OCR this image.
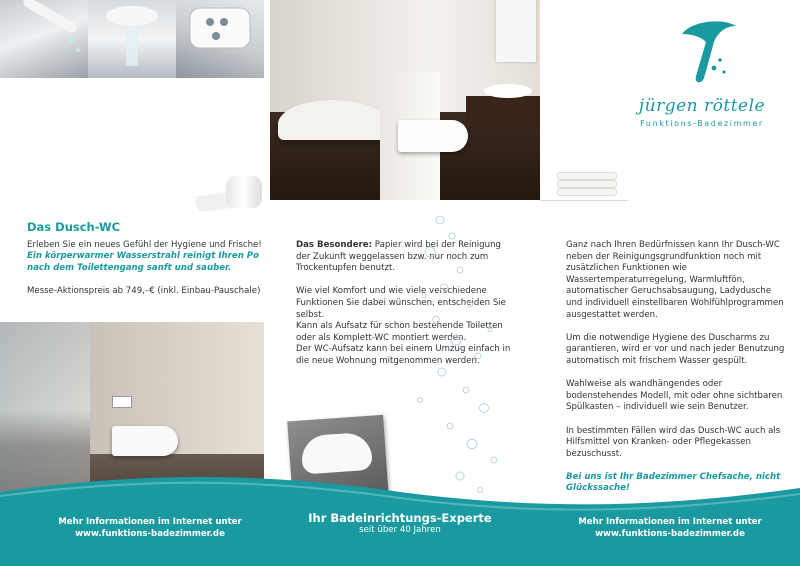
jürgen röttele
Funktions-Badezimmer
Das Dusch-WC
Erleben Sie ein neues Gefühl der Hygiene und Frische!

Ein körperwarmer Wasserstrahl reinigt Ihren Po nach dem Toilettengang sanft und sauber.

Messe-Aktionspreis ab 749,–€ (inkl. Einbau-Pauschale)

Das Besondere: Papier wird bei der Reinigung der Zukunft weggelassen bzw. nur noch zum Trockentupfen benutzt.

Wie viel Komfort und wie viele verschiedene Funktionen Sie dabei wünschen, entscheiden Sie selbst.
Kann als Aufsatz für schon bestehende Toiletten oder als Komplett-WC montiert werden.
Der WC-Aufsatz kann bei einem Umzug einfach in die neue Wohnung mitgenommen werden.

Ganz nach Ihren Bedürfnissen kann Ihr Dusch-WC neben der Reinigungsgrundfunktion noch mit zusätzlichen Funktionen wie Wassertemperaturregelung, Warmluftfön, automatischer Geruchsabsaugung, Ladydusche und individuell einstellbaren Wohlfühlprogrammen ausgestattet werden.

Um die notwendige Hygiene des Duscharms zu garantieren, wird er vor und nach jeder Benutzung automatisch mit frischem Wasser gespült.

Wahlweise als wandhängendes oder bodenstehendes Modell, mit oder ohne sichtbaren Spülkasten – individuell wie sein Benutzer.

In bestimmten Fällen wird das Dusch-WC auch als Hilfsmittel von Kranken- oder Pflegekassen bezuschusst.

Bei uns ist Ihr Badezimmer Chefsache, nicht Glückssache!

Mehr Informationen im Internet unter
www.funktions-badezimmer.de
Ihr Badeinrichtungs-Experte
seit über 40 Jahren
Mehr Informationen im Internet unter
www.funktions-badezimmer.de
